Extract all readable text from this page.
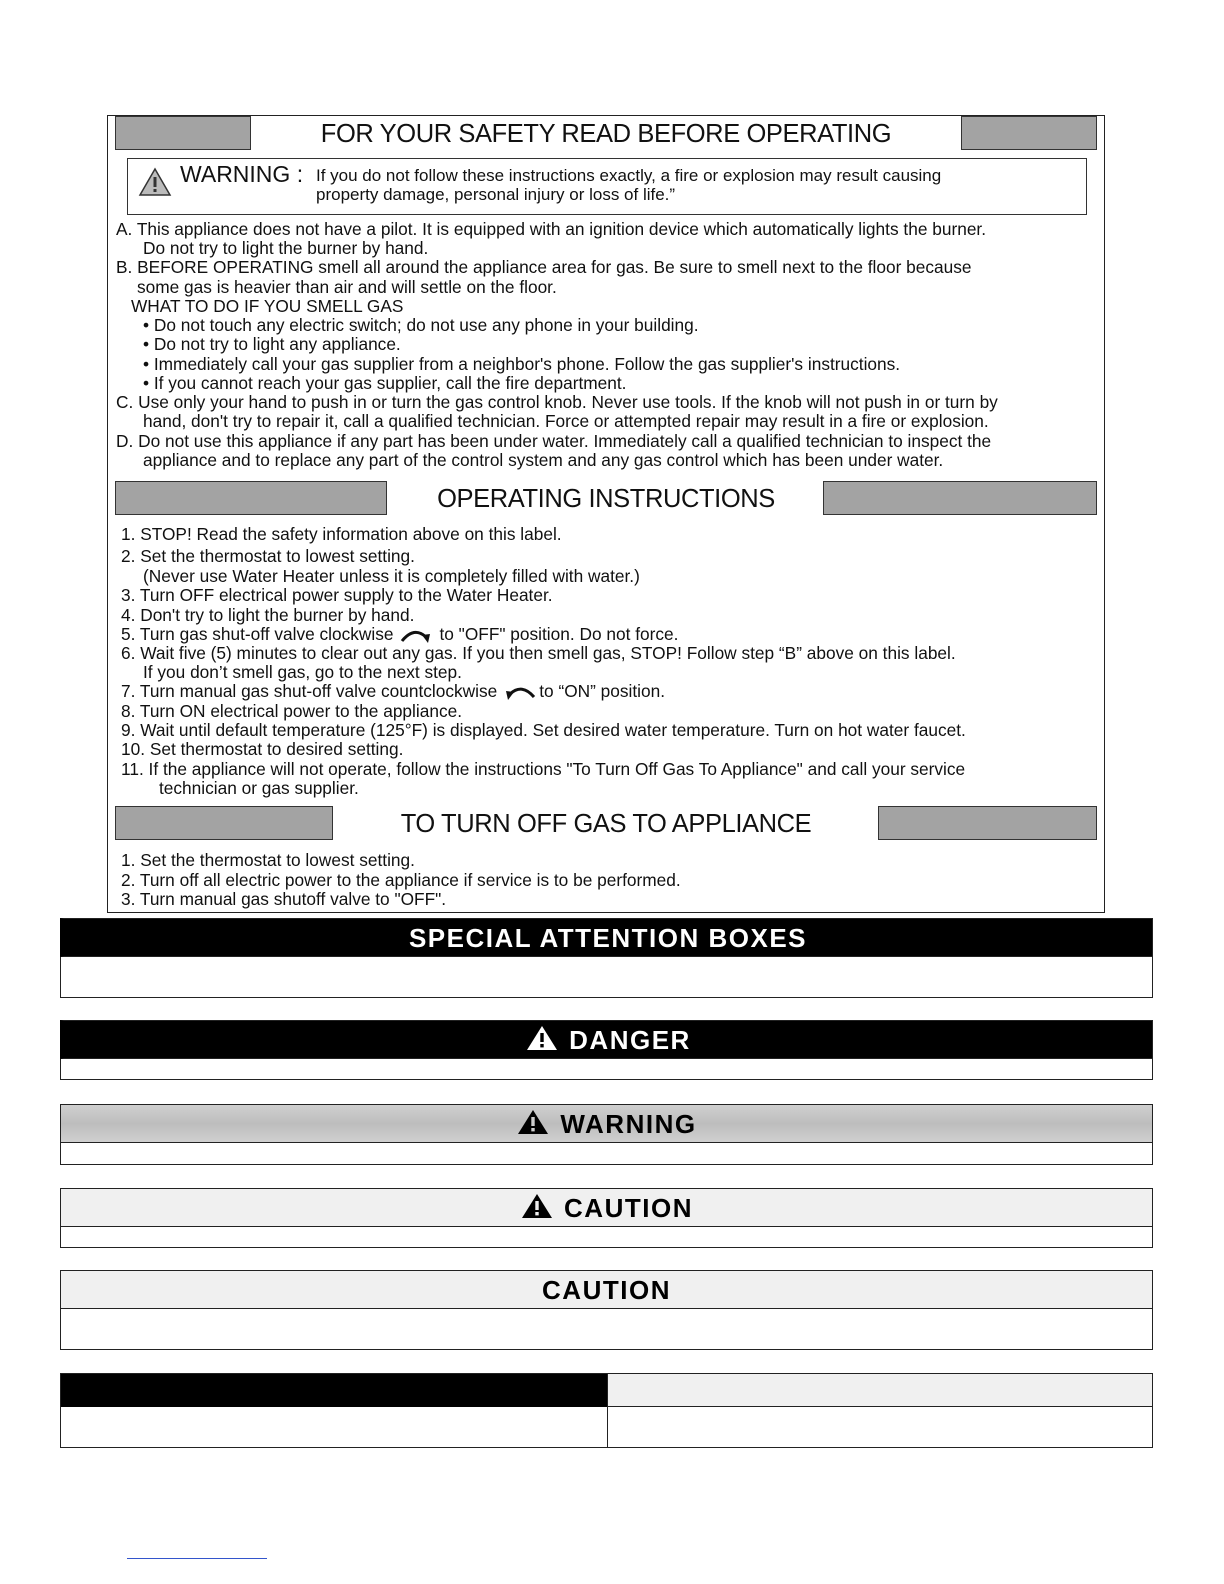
FOR YOUR SAFETY READ BEFORE OPERATING
WARNING : If you do not follow these instructions exactly, a fire or explosion may result causing
property damage, personal injury or loss of life.”
A. This appliance does not have a pilot. It is equipped with an ignition device which automatically lights the burner.
Do not try to light the burner by hand.
B. BEFORE OPERATING smell all around the appliance area for gas. Be sure to smell next to the floor because
some gas is heavier than air and will settle on the floor.
WHAT TO DO IF YOU SMELL GAS
• Do not touch any electric switch; do not use any phone in your building.
• Do not try to light any appliance.
• Immediately call your gas supplier from a neighbor's phone. Follow the gas supplier's instructions.
• If you cannot reach your gas supplier, call the fire department.
C. Use only your hand to push in or turn the gas control knob. Never use tools. If the knob will not push in or turn by
hand, don't try to repair it, call a qualified technician. Force or attempted repair may result in a fire or explosion.
D. Do not use this appliance if any part has been under water. Immediately call a qualified technician to inspect the
appliance and to replace any part of the control system and any gas control which has been under water.
OPERATING INSTRUCTIONS
1. STOP! Read the safety information above on this label.
2. Set the thermostat to lowest setting.
(Never use Water Heater unless it is completely filled with water.)
3. Turn OFF electrical power supply to the Water Heater.
4. Don't try to light the burner by hand.
5. Turn gas shut-off valve clockwise	to "OFF" position. Do not force.
6. Wait five (5) minutes to clear out any gas. If you then smell gas, STOP! Follow step “B” above on this label.
If you don’t smell gas, go to the next step.
7. Turn manual gas shut-off valve countclockwise to “ON” position.
8. Turn ON electrical power to the appliance.
9. Wait until default temperature (125°F) is displayed. Set desired water temperature. Turn on hot water faucet.
10. Set thermostat to desired setting.
11. If the appliance will not operate, follow the instructions "To Turn Off Gas To Appliance" and call your service
technician or gas supplier.
TO TURN OFF GAS TO APPLIANCE
1. Set the thermostat to lowest setting.
2. Turn off all electric power to the appliance if service is to be performed.
3. Turn manual gas shutoff valve to "OFF".
SPECIAL ATTENTION BOXES
DANGER
WARNING
CAUTION
CAUTION
